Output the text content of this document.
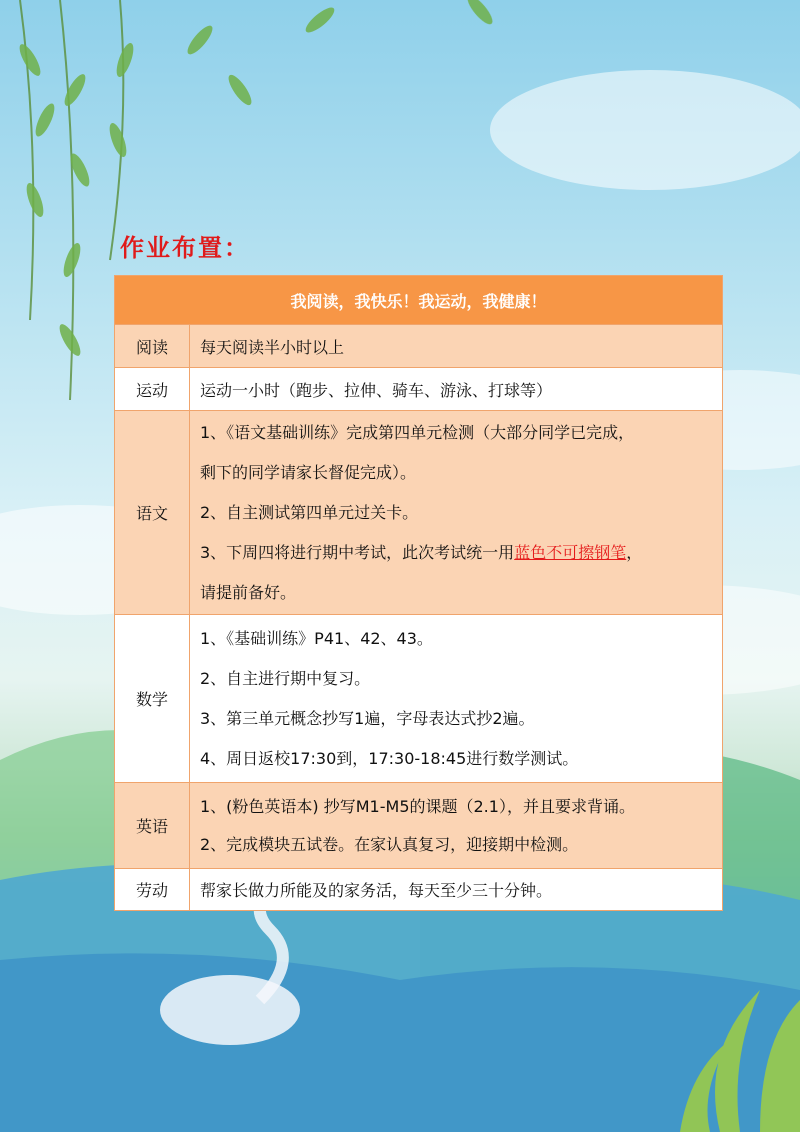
作业布置：
我阅读，我快乐！我运动，我健康！	
阅读	每天阅读半小时以上
运动	运动一小时（跑步、拉伸、骑车、游泳、打球等）
语文	1、《语文基础训练》完成第四单元检测（大部分同学已完成，
剩下的同学请家长督促完成）。
2、自主测试第四单元过关卡。
3、下周四将进行期中考试，此次考试统一用蓝色不可擦钢笔，
请提前备好。

数学	1、《基础训练》P41、42、43。
2、自主进行期中复习。
3、第三单元概念抄写1遍，字母表达式抄2遍。
4、周日返校17:30到，17:30-18:45进行数学测试。

英语	1、(粉色英语本) 抄写M1-M5的课题（2.1），并且要求背诵。
2、完成模块五试卷。在家认真复习，迎接期中检测。

劳动	帮家长做力所能及的家务活，每天至少三十分钟。
